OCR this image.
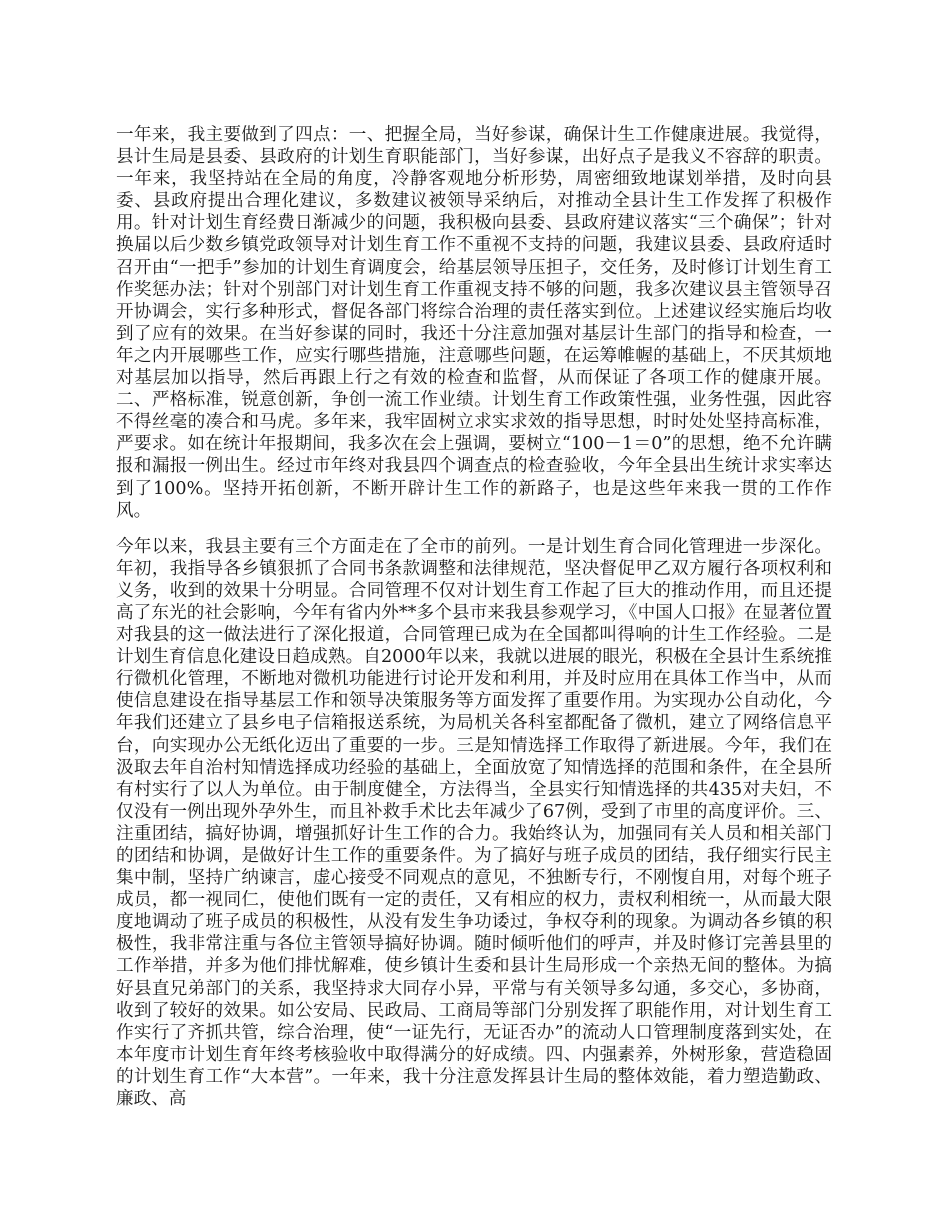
一年来，我主要做到了四点：一、把握全局，当好参谋，确保计生工作健康进展。我觉得，县计生局是县委、县政府的计划生育职能部门，当好参谋，出好点子是我义不容辞的职责。一年来，我坚持站在全局的角度，冷静客观地分析形势，周密细致地谋划举措，及时向县委、县政府提出合理化建议，多数建议被领导采纳后，对推动全县计生工作发挥了积极作用。针对计划生育经费日渐减少的问题，我积极向县委、县政府建议落实“三个确保”；针对换届以后少数乡镇党政领导对计划生育工作不重视不支持的问题，我建议县委、县政府适时召开由“一把手”参加的计划生育调度会，给基层领导压担子，交任务，及时修订计划生育工作奖惩办法；针对个别部门对计划生育工作重视支持不够的问题，我多次建议县主管领导召开协调会，实行多种形式，督促各部门将综合治理的责任落实到位。上述建议经实施后均收到了应有的效果。在当好参谋的同时，我还十分注意加强对基层计生部门的指导和检查，一年之内开展哪些工作，应实行哪些措施，注意哪些问题，在运筹帷幄的基础上，不厌其烦地对基层加以指导，然后再跟上行之有效的检查和监督，从而保证了各项工作的健康开展。二、严格标准，锐意创新，争创一流工作业绩。计划生育工作政策性强，业务性强，因此容不得丝毫的凑合和马虎。多年来，我牢固树立求实求效的指导思想，时时处处坚持高标准，严要求。如在统计年报期间，我多次在会上强调，要树立“100－1＝0”的思想，绝不允许瞒报和漏报一例出生。经过市年终对我县四个调查点的检查验收，今年全县出生统计求实率达到了100%。坚持开拓创新，不断开辟计生工作的新路子，也是这些年来我一贯的工作作风。

今年以来，我县主要有三个方面走在了全市的前列。一是计划生育合同化管理进一步深化。年初，我指导各乡镇狠抓了合同书条款调整和法律规范，坚决督促甲乙双方履行各项权利和义务，收到的效果十分明显。合同管理不仅对计划生育工作起了巨大的推动作用，而且还提高了东光的社会影响，今年有省内外**多个县市来我县参观学习，《中国人口报》在显著位置对我县的这一做法进行了深化报道，合同管理已成为在全国都叫得响的计生工作经验。二是计划生育信息化建设日趋成熟。自2000年以来，我就以进展的眼光，积极在全县计生系统推行微机化管理，不断地对微机功能进行讨论开发和利用，并及时应用在具体工作当中，从而使信息建设在指导基层工作和领导决策服务等方面发挥了重要作用。为实现办公自动化，今年我们还建立了县乡电子信箱报送系统，为局机关各科室都配备了微机，建立了网络信息平台，向实现办公无纸化迈出了重要的一步。三是知情选择工作取得了新进展。今年，我们在汲取去年自治村知情选择成功经验的基础上，全面放宽了知情选择的范围和条件，在全县所有村实行了以人为单位。由于制度健全，方法得当，全县实行知情选择的共435对夫妇，不仅没有一例出现外孕外生，而且补救手术比去年减少了67例，受到了市里的高度评价。三、注重团结，搞好协调，增强抓好计生工作的合力。我始终认为，加强同有关人员和相关部门的团结和协调，是做好计生工作的重要条件。为了搞好与班子成员的团结，我仔细实行民主集中制，坚持广纳谏言，虚心接受不同观点的意见，不独断专行，不刚愎自用，对每个班子成员，都一视同仁，使他们既有一定的责任，又有相应的权力，责权利相统一，从而最大限度地调动了班子成员的积极性，从没有发生争功诿过，争权夺利的现象。为调动各乡镇的积极性，我非常注重与各位主管领导搞好协调。随时倾听他们的呼声，并及时修订完善县里的工作举措，并多为他们排忧解难，使乡镇计生委和县计生局形成一个亲热无间的整体。为搞好县直兄弟部门的关系，我坚持求大同存小异，平常与有关领导多勾通，多交心，多协商，收到了较好的效果。如公安局、民政局、工商局等部门分别发挥了职能作用，对计划生育工作实行了齐抓共管，综合治理，使“一证先行，无证否办”的流动人口管理制度落到实处，在本年度市计划生育年终考核验收中取得满分的好成绩。四、内强素养，外树形象，营造稳固的计划生育工作“大本营”。一年来，我十分注意发挥县计生局的整体效能，着力塑造勤政、廉政、高
